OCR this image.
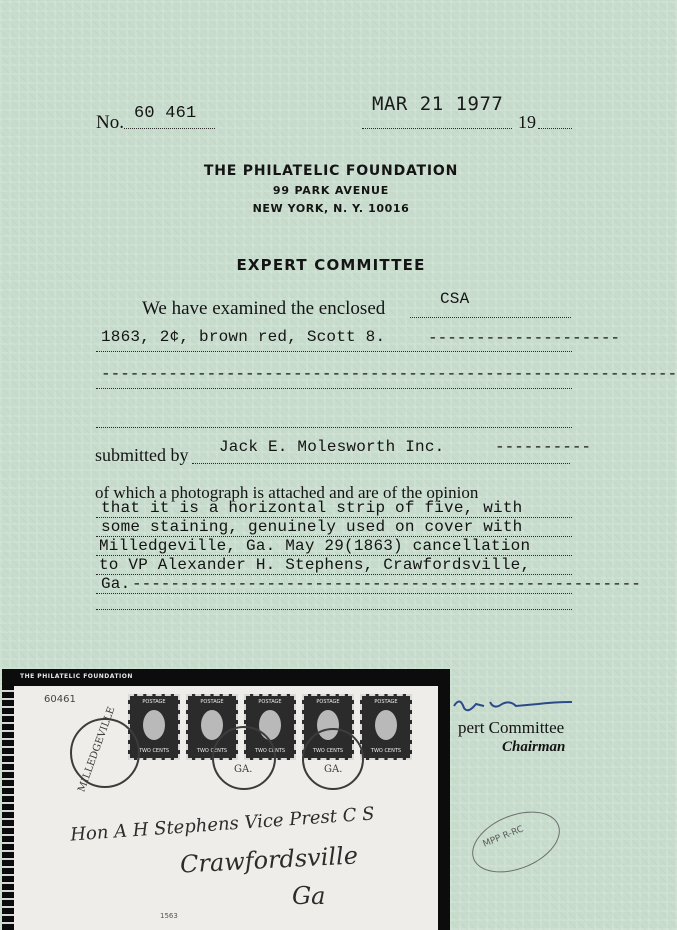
No. 60 461	MAR 21 1977
19
THE PHILATELIC FOUNDATION
99 PARK AVENUE
NEW YORK, N. Y. 10016
EXPERT COMMITTEE
We have examined the enclosed	CSA
1863, 2¢, brown red, Scott 8.	--------------------
------------------------------------------------------------
submitted by Jack E. Molesworth Inc.	----------
of which a photograph is attached and are of the opinion
that it is a horizontal strip of five, with
some staining, genuinely used on cover with
Milledgeville, Ga. May 29(1863) cancellation
to VP Alexander H. Stephens, Crawfordsville,
Ga. -----------------------------------------------------
pert Committee
Chairman
MPP R-RC
THE PHILATELIC FOUNDATION
60461	POSTAGE
TWO CENTS
POSTAGE
TWO CENTS
POSTAGE
TWO CENTS
POSTAGE
TWO CENTS
POSTAGE
TWO CENTS
MILLEDGEVILLE	GA.	GA.
Hon A H Stephens Vice Prest C S
Crawfordsville
Ga
1563
